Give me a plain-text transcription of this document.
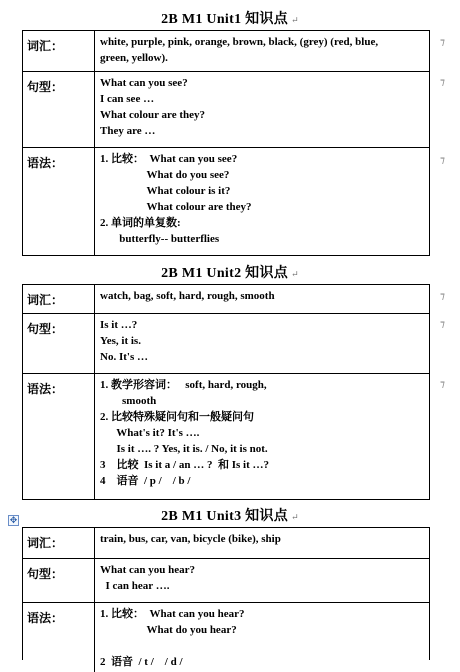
2B M1 Unit1 知识点 ↵
词汇：	white, purple, pink, orange, brown, black, (grey) (red, blue,
green, yellow).
句型：	What can you see?
I can see …
What colour are they?
They are …
语法：	1. 比较：  What can you see?
What do you see?
What colour is it?
What colour are they?
2. 单词的单复数:
butterfly-- butterflies
⁊
⁊
⁊
2B M1 Unit2 知识点 ↵
词汇：	watch, bag, soft, hard, rough, smooth
句型：	Is it …?
Yes, it is.
No. It's …
语法：	1. 教学形容词：   soft, hard, rough,
smooth
2. 比较特殊疑问句和一般疑问句
What's it? It's ….
Is it …. ? Yes, it is. / No, it is not.
3    比较  Is it a / an … ?  和 Is it …?
4    语音  / p /    / b /
⁊
⁊
⁊
✥	2B M1 Unit3 知识点 ↵
词汇：	train, bus, car, van, bicycle (bike), ship
句型：	What can you hear?
I can hear ….
语法：	1. 比较：  What can you hear?
What do you hear?
2  语音  / t /    / d /
